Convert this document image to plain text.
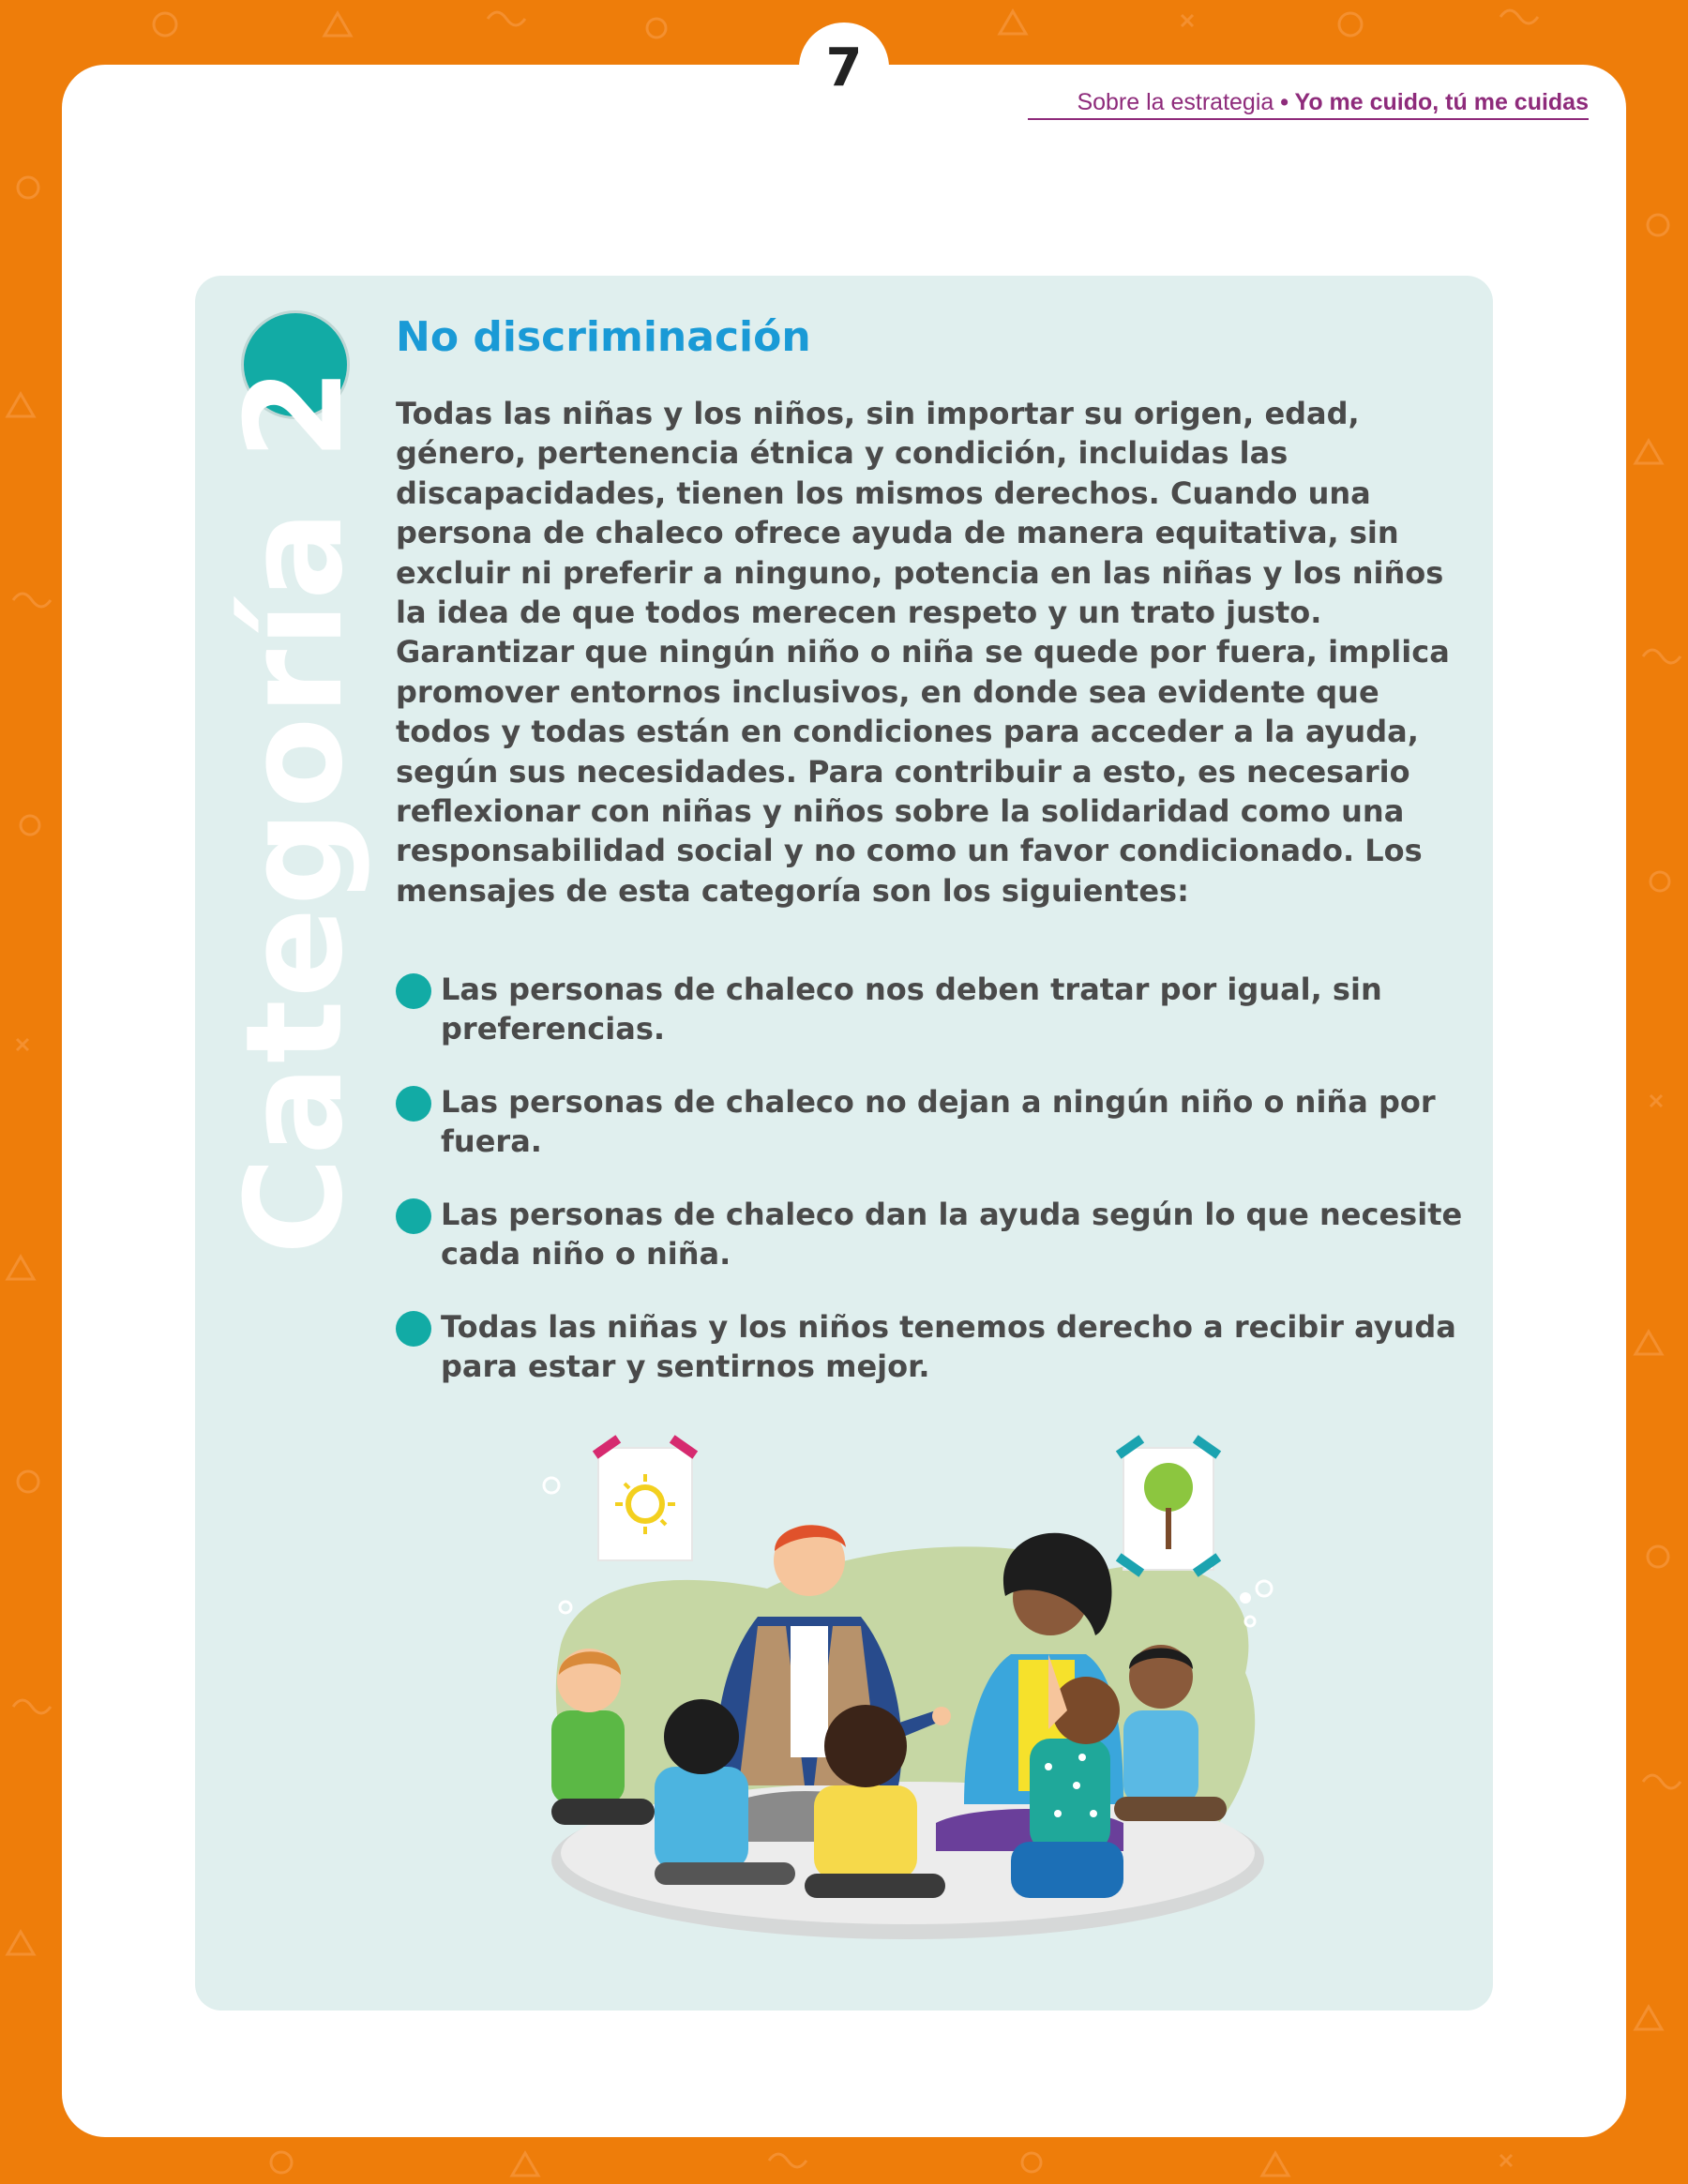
7
Sobre la estrategia • Yo me cuido, tú me cuidas
Categoría 2
No discriminación

Todas las niñas y los niños, sin importar su origen, edad, género, pertenencia étnica y condición, incluidas las discapacidades, tienen los mismos derechos. Cuando una persona de chaleco ofrece ayuda de manera equitativa, sin excluir ni preferir a ninguno, potencia en las niñas y los niños la idea de que todos merecen respeto y un trato justo. Garantizar que ningún niño o niña se quede por fuera, implica promover entornos inclusivos, en donde sea evidente que todos y todas están en condiciones para acceder a la ayuda, según sus necesidades. Para contribuir a esto, es necesario reflexionar con niñas y niños sobre la solidaridad como una responsabilidad social y no como un favor condicionado. Los mensajes de esta categoría son los siguientes:

Las personas de chaleco nos deben tratar por igual, sin preferencias.
Las personas de chaleco no dejan a ningún niño o niña por fuera.
Las personas de chaleco dan la ayuda según lo que necesite cada niño o niña.
Todas las niñas y los niños tenemos derecho a recibir ayuda para estar y sentirnos mejor.
